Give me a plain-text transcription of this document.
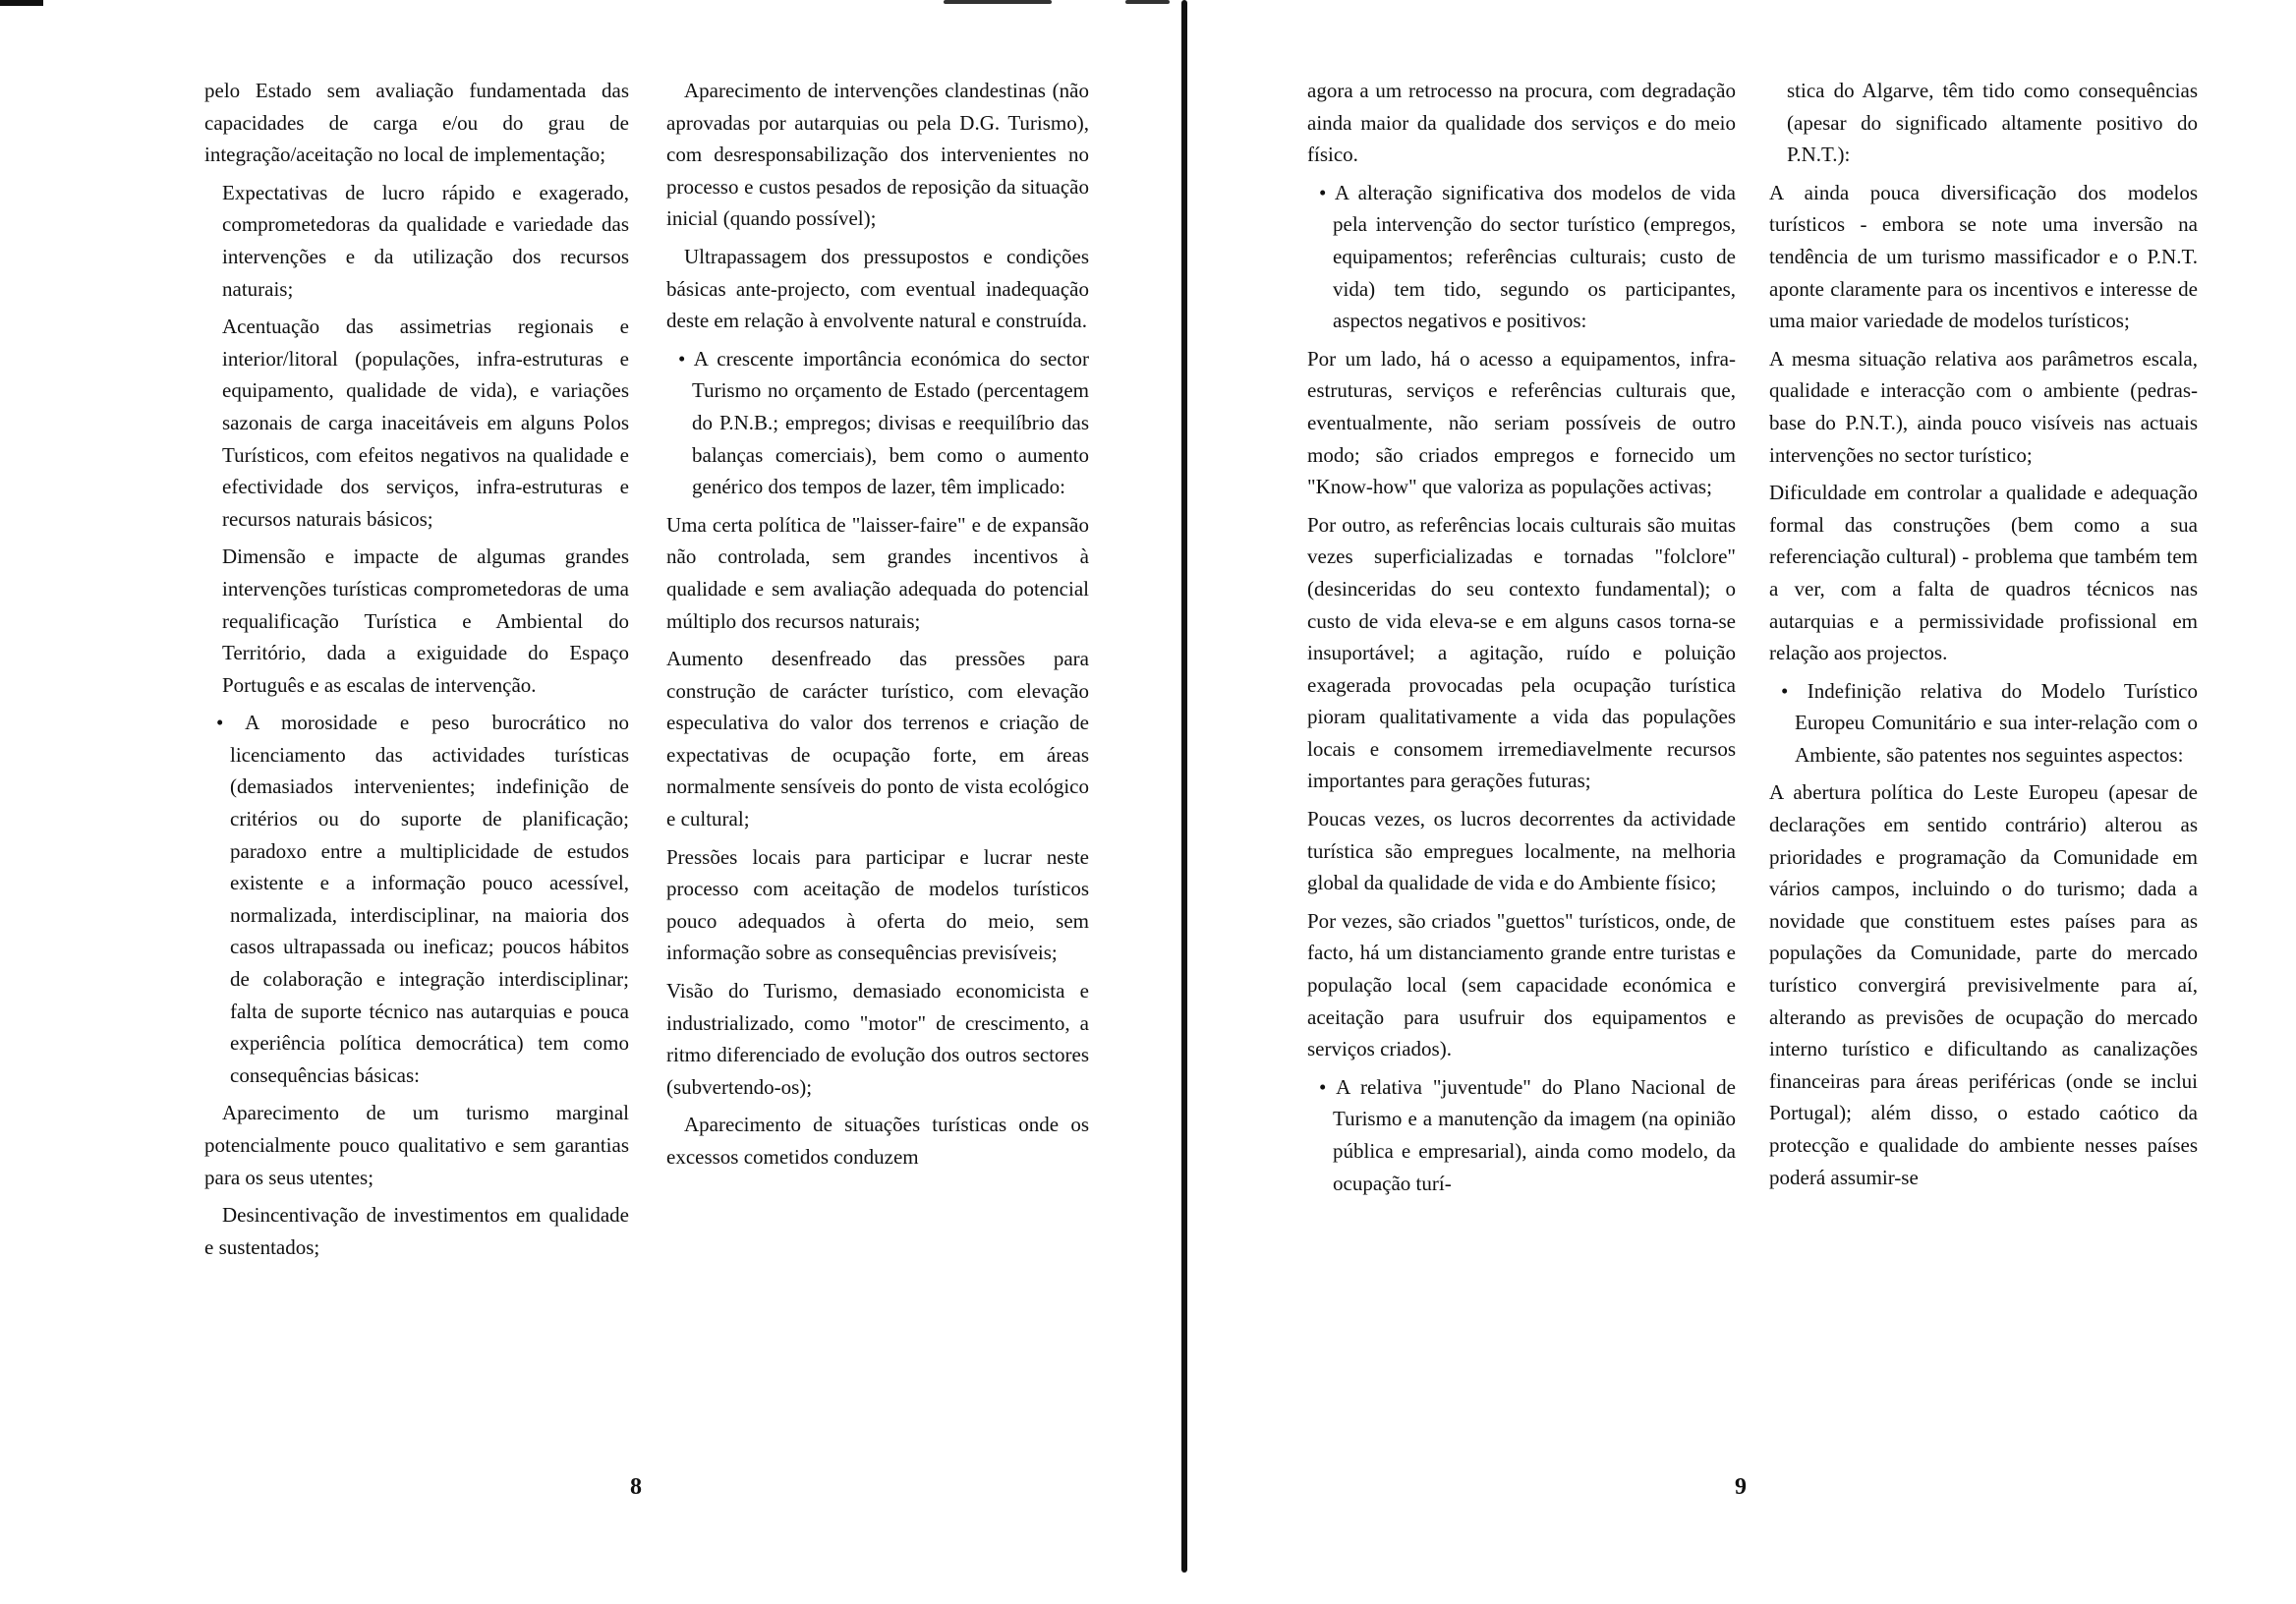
pelo Estado sem avaliação fundamentada das capacidades de carga e/ou do grau de integração/aceitação no local de implementação;

Expectativas de lucro rápido e exagerado, comprometedoras da qualidade e variedade das intervenções e da utilização dos recursos naturais;

Acentuação das assimetrias regionais e interior/litoral (populações, infra-estruturas e equipamento, qualidade de vida), e variações sazonais de carga inaceitáveis em alguns Polos Turísticos, com efeitos negativos na qualidade e efectividade dos serviços, infra-estruturas e recursos naturais básicos;

Dimensão e impacte de algumas grandes intervenções turísticas comprometedoras de uma requalificação Turística e Ambiental do Território, dada a exiguidade do Espaço Português e as escalas de intervenção.

• A morosidade e peso burocrático no licenciamento das actividades turísticas (demasiados intervenientes; indefinição de critérios ou do suporte de planificação; paradoxo entre a multiplicidade de estudos existente e a informação pouco acessível, normalizada, interdisciplinar, na maioria dos casos ultrapassada ou ineficaz; poucos hábitos de colaboração e integração interdisciplinar; falta de suporte técnico nas autarquias e pouca experiência política democrática) tem como consequências básicas:

Aparecimento de um turismo marginal potencialmente pouco qualitativo e sem garantias para os seus utentes;

Desincentivação de investimentos em qualidade e sustentados;

Aparecimento de intervenções clandestinas (não aprovadas por autarquias ou pela D.G. Turismo), com desresponsabilização dos intervenientes no processo e custos pesados de reposição da situação inicial (quando possível);

Ultrapassagem dos pressupostos e condições básicas ante-projecto, com eventual inadequação deste em relação à envolvente natural e construída.

• A crescente importância económica do sector Turismo no orçamento de Estado (percentagem do P.N.B.; empregos; divisas e reequilíbrio das balanças comerciais), bem como o aumento genérico dos tempos de lazer, têm implicado:

Uma certa política de "laisser-faire" e de expansão não controlada, sem grandes incentivos à qualidade e sem avaliação adequada do potencial múltiplo dos recursos naturais;

Aumento desenfreado das pressões para construção de carácter turístico, com elevação especulativa do valor dos terrenos e criação de expectativas de ocupação forte, em áreas normalmente sensíveis do ponto de vista ecológico e cultural;

Pressões locais para participar e lucrar neste processo com aceitação de modelos turísticos pouco adequados à oferta do meio, sem informação sobre as consequências previsíveis;

Visão do Turismo, demasiado economicista e industrializado, como "motor" de crescimento, a ritmo diferenciado de evolução dos outros sectores (subvertendo-os);

Aparecimento de situações turísticas onde os excessos cometidos conduzem

8

agora a um retrocesso na procura, com degradação ainda maior da qualidade dos serviços e do meio físico.

• A alteração significativa dos modelos de vida pela intervenção do sector turístico (empregos, equipamentos; referências culturais; custo de vida) tem tido, segundo os participantes, aspectos negativos e positivos:

Por um lado, há o acesso a equipamentos, infra-estruturas, serviços e referências culturais que, eventualmente, não seriam possíveis de outro modo; são criados empregos e fornecido um "Know-how" que valoriza as populações activas;

Por outro, as referências locais culturais são muitas vezes superficializadas e tornadas "folclore" (desinceridas do seu contexto fundamental); o custo de vida eleva-se e em alguns casos torna-se insuportável; a agitação, ruído e poluição exagerada provocadas pela ocupação turística pioram qualitativamente a vida das populações locais e consomem irremediavelmente recursos importantes para gerações futuras;

Poucas vezes, os lucros decorrentes da actividade turística são empregues localmente, na melhoria global da qualidade de vida e do Ambiente físico;

Por vezes, são criados "guettos" turísticos, onde, de facto, há um distanciamento grande entre turistas e população local (sem capacidade económica e aceitação para usufruir dos equipamentos e serviços criados).

• A relativa "juventude" do Plano Nacional de Turismo e a manutenção da imagem (na opinião pública e empresarial), ainda como modelo, da ocupação turí-

stica do Algarve, têm tido como consequências (apesar do significado altamente positivo do P.N.T.):

A ainda pouca diversificação dos modelos turísticos - embora se note uma inversão na tendência de um turismo massificador e o P.N.T. aponte claramente para os incentivos e interesse de uma maior variedade de modelos turísticos;

A mesma situação relativa aos parâmetros escala, qualidade e interacção com o ambiente (pedras-base do P.N.T.), ainda pouco visíveis nas actuais intervenções no sector turístico;

Dificuldade em controlar a qualidade e adequação formal das construções (bem como a sua referenciação cultural) - problema que também tem a ver, com a falta de quadros técnicos nas autarquias e a permissividade profissional em relação aos projectos.

• Indefinição relativa do Modelo Turístico Europeu Comunitário e sua inter-relação com o Ambiente, são patentes nos seguintes aspectos:

A abertura política do Leste Europeu (apesar de declarações em sentido contrário) alterou as prioridades e programação da Comunidade em vários campos, incluindo o do turismo; dada a novidade que constituem estes países para as populações da Comunidade, parte do mercado turístico convergirá previsivelmente para aí, alterando as previsões de ocupação do mercado interno turístico e dificultando as canalizações financeiras para áreas periféricas (onde se inclui Portugal); além disso, o estado caótico da protecção e qualidade do ambiente nesses países poderá assumir-se

9
